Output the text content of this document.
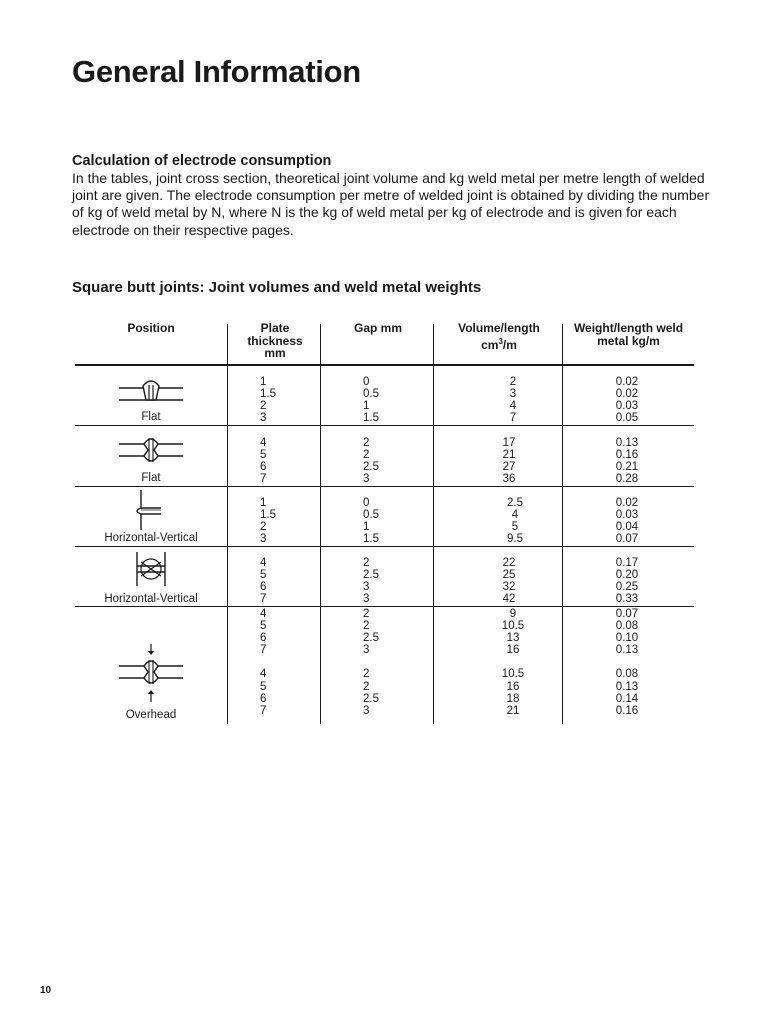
General Information
Calculation of electrode consumption

In the tables, joint cross section, theoretical joint volume and kg weld metal per metre length of welded joint are given. The electrode consumption per metre of welded joint is obtained by dividing the number of kg of weld metal by N, where N is the kg of weld metal per kg of electrode and is given for each electrode on their respective pages.

Square butt joints: Joint volumes and weld metal weights
Position	Plate thickness mm
Gap mm	Volume/length
$cm^3/m$
Weight/length weld metal kg/m
Flat
1
1.5
2
3
0
0.5
1
1.5
2
3
4
7
0.02
0.02
0.03
0.05
Flat
4
5
6
7
2
2
2.5
3
17
21
27
36
0.13
0.16
0.21
0.28
Horizontal-Vertical
1
1.5
2
3
0
0.5
1
1.5
2.5
4
5
9.5
0.02
0.03
0.04
0.07
Horizontal-Vertical
4
5
6
7
2
2.5
3
3
22
25
32
42
0.17
0.20
0.25
0.33
Overhead
4
5
6
7

4
5
6
7
2
2
2.5
3

2
2
2.5
3
9
10.5
13
16

10.5
16
18
21
0.07
0.08
0.10
0.13

0.08
0.13
0.14
0.16
10
